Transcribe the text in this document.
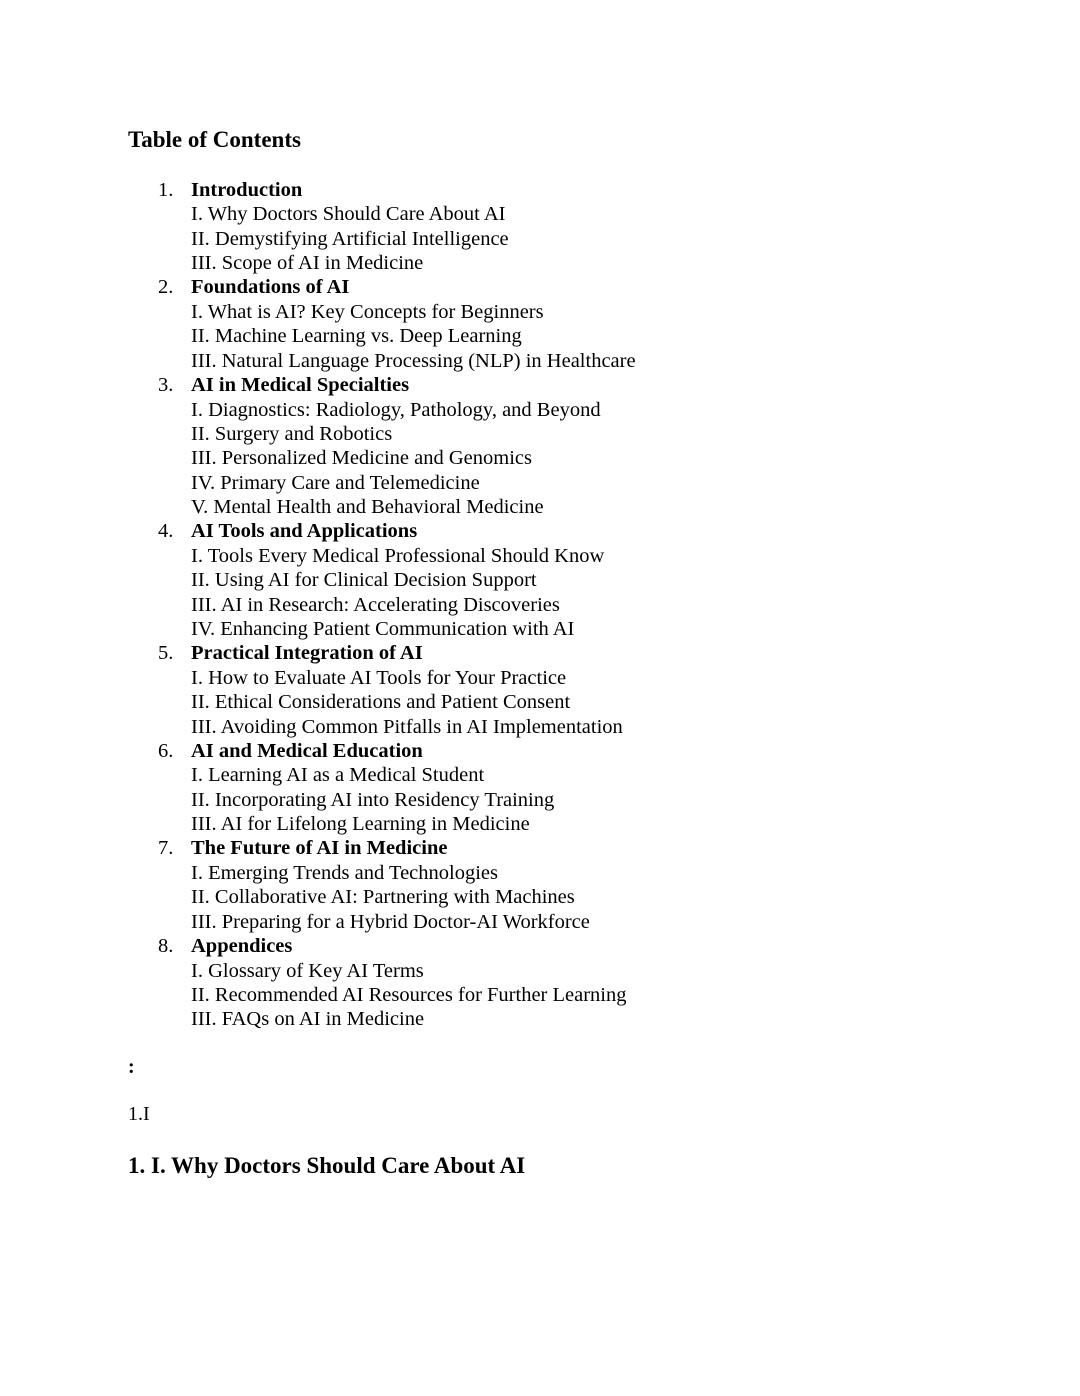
Table of Contents
1. Introduction
I. Why Doctors Should Care About AI
II. Demystifying Artificial Intelligence
III. Scope of AI in Medicine
2. Foundations of AI
I. What is AI? Key Concepts for Beginners
II. Machine Learning vs. Deep Learning
III. Natural Language Processing (NLP) in Healthcare
3. AI in Medical Specialties
I. Diagnostics: Radiology, Pathology, and Beyond
II. Surgery and Robotics
III. Personalized Medicine and Genomics
IV. Primary Care and Telemedicine
V. Mental Health and Behavioral Medicine
4. AI Tools and Applications
I. Tools Every Medical Professional Should Know
II. Using AI for Clinical Decision Support
III. AI in Research: Accelerating Discoveries
IV. Enhancing Patient Communication with AI
5. Practical Integration of AI
I. How to Evaluate AI Tools for Your Practice
II. Ethical Considerations and Patient Consent
III. Avoiding Common Pitfalls in AI Implementation
6. AI and Medical Education
I. Learning AI as a Medical Student
II. Incorporating AI into Residency Training
III. AI for Lifelong Learning in Medicine
7. The Future of AI in Medicine
I. Emerging Trends and Technologies
II. Collaborative AI: Partnering with Machines
III. Preparing for a Hybrid Doctor-AI Workforce
8. Appendices
I. Glossary of Key AI Terms
II. Recommended AI Resources for Further Learning
III. FAQs on AI in Medicine
:
1.I
1. I. Why Doctors Should Care About AI
